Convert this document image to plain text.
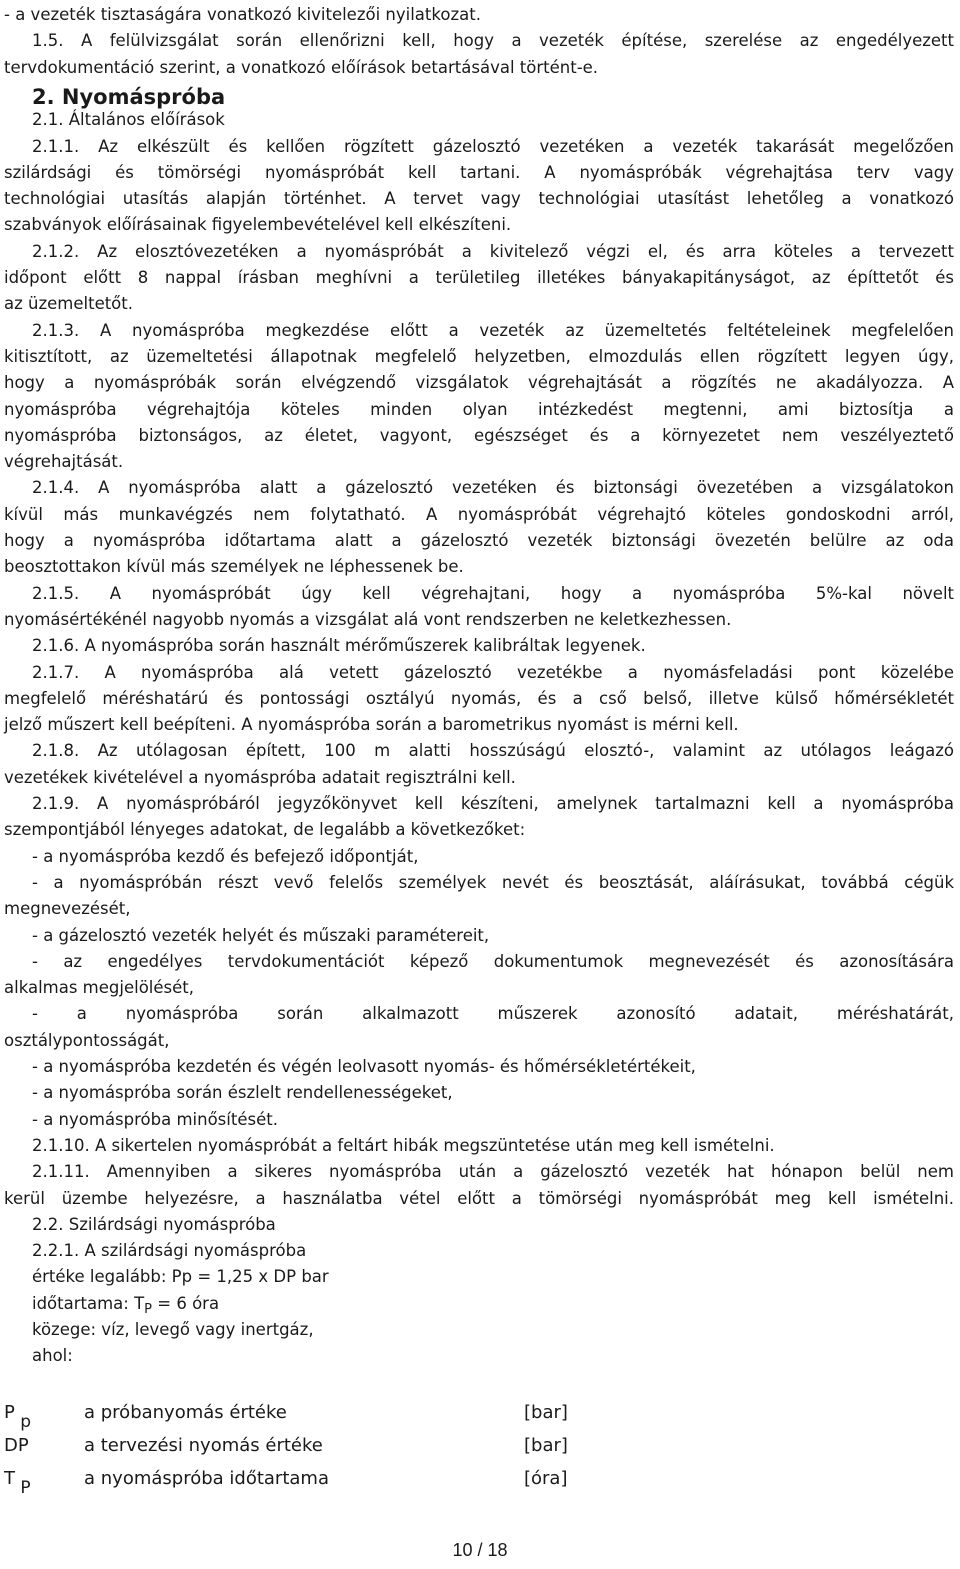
- a vezeték tisztaságára vonatkozó kivitelezői nyilatkozat.
1.5. A felülvizsgálat során ellenőrizni kell, hogy a vezeték építése, szerelése az engedélyezett
tervdokumentáció szerint, a vonatkozó előírások betartásával történt-e.
2. Nyomáspróba
2.1. Általános előírások
2.1.1. Az elkészült és kellően rögzített gázelosztó vezetéken a vezeték takarását megelőzően
szilárdsági és tömörségi nyomáspróbát kell tartani. A nyomáspróbák végrehajtása terv vagy
technológiai utasítás alapján történhet. A tervet vagy technológiai utasítást lehetőleg a vonatkozó
szabványok előírásainak figyelembevételével kell elkészíteni.
2.1.2. Az elosztóvezetéken a nyomáspróbát a kivitelező végzi el, és arra köteles a tervezett
időpont előtt 8 nappal írásban meghívni a területileg illetékes bányakapitányságot, az építtetőt és
az üzemeltetőt.
2.1.3. A nyomáspróba megkezdése előtt a vezeték az üzemeltetés feltételeinek megfelelően
kitisztított, az üzemeltetési állapotnak megfelelő helyzetben, elmozdulás ellen rögzített legyen úgy,
hogy a nyomáspróbák során elvégzendő vizsgálatok végrehajtását a rögzítés ne akadályozza. A
nyomáspróba végrehajtója köteles minden olyan intézkedést megtenni, ami biztosítja a
nyomáspróba biztonságos, az életet, vagyont, egészséget és a környezetet nem veszélyeztető
végrehajtását.
2.1.4. A nyomáspróba alatt a gázelosztó vezetéken és biztonsági övezetében a vizsgálatokon
kívül más munkavégzés nem folytatható. A nyomáspróbát végrehajtó köteles gondoskodni arról,
hogy a nyomáspróba időtartama alatt a gázelosztó vezeték biztonsági övezetén belülre az oda
beosztottakon kívül más személyek ne léphessenek be.
2.1.5. A nyomáspróbát úgy kell végrehajtani, hogy a nyomáspróba 5%-kal növelt
nyomásértékénél nagyobb nyomás a vizsgálat alá vont rendszerben ne keletkezhessen.
2.1.6. A nyomáspróba során használt mérőműszerek kalibráltak legyenek.
2.1.7. A nyomáspróba alá vetett gázelosztó vezetékbe a nyomásfeladási pont közelébe
megfelelő méréshatárú és pontossági osztályú nyomás, és a cső belső, illetve külső hőmérsékletét
jelző műszert kell beépíteni. A nyomáspróba során a barometrikus nyomást is mérni kell.
2.1.8. Az utólagosan épített, 100 m alatti hosszúságú elosztó-, valamint az utólagos leágazó
vezetékek kivételével a nyomáspróba adatait regisztrálni kell.
2.1.9. A nyomáspróbáról jegyzőkönyvet kell készíteni, amelynek tartalmazni kell a nyomáspróba
szempontjából lényeges adatokat, de legalább a következőket:
- a nyomáspróba kezdő és befejező időpontját,
- a nyomáspróbán részt vevő felelős személyek nevét és beosztását, aláírásukat, továbbá cégük
megnevezését,
- a gázelosztó vezeték helyét és műszaki paramétereit,
- az engedélyes tervdokumentációt képező dokumentumok megnevezését és azonosítására
alkalmas megjelölését,
- a nyomáspróba során alkalmazott műszerek azonosító adatait, méréshatárát,
osztálypontosságát,
- a nyomáspróba kezdetén és végén leolvasott nyomás- és hőmérsékletértékeit,
- a nyomáspróba során észlelt rendellenességeket,
- a nyomáspróba minősítését.
2.1.10. A sikertelen nyomáspróbát a feltárt hibák megszüntetése után meg kell ismételni.
2.1.11. Amennyiben a sikeres nyomáspróba után a gázelosztó vezeték hat hónapon belül nem
kerül üzembe helyezésre, a használatba vétel előtt a tömörségi nyomáspróbát meg kell ismételni.
2.2. Szilárdsági nyomáspróba
2.2.1. A szilárdsági nyomáspróba
értéke legalább: Pp = 1,25 x DP bar
időtartama: $T_P = 6$ óra
közege: víz, levegő vagy inertgáz,
ahol:
P p	a próbanyomás értéke	[bar]
DP	a tervezési nyomás értéke	[bar]
T P	a nyomáspróba időtartama	[óra]
10 / 18
